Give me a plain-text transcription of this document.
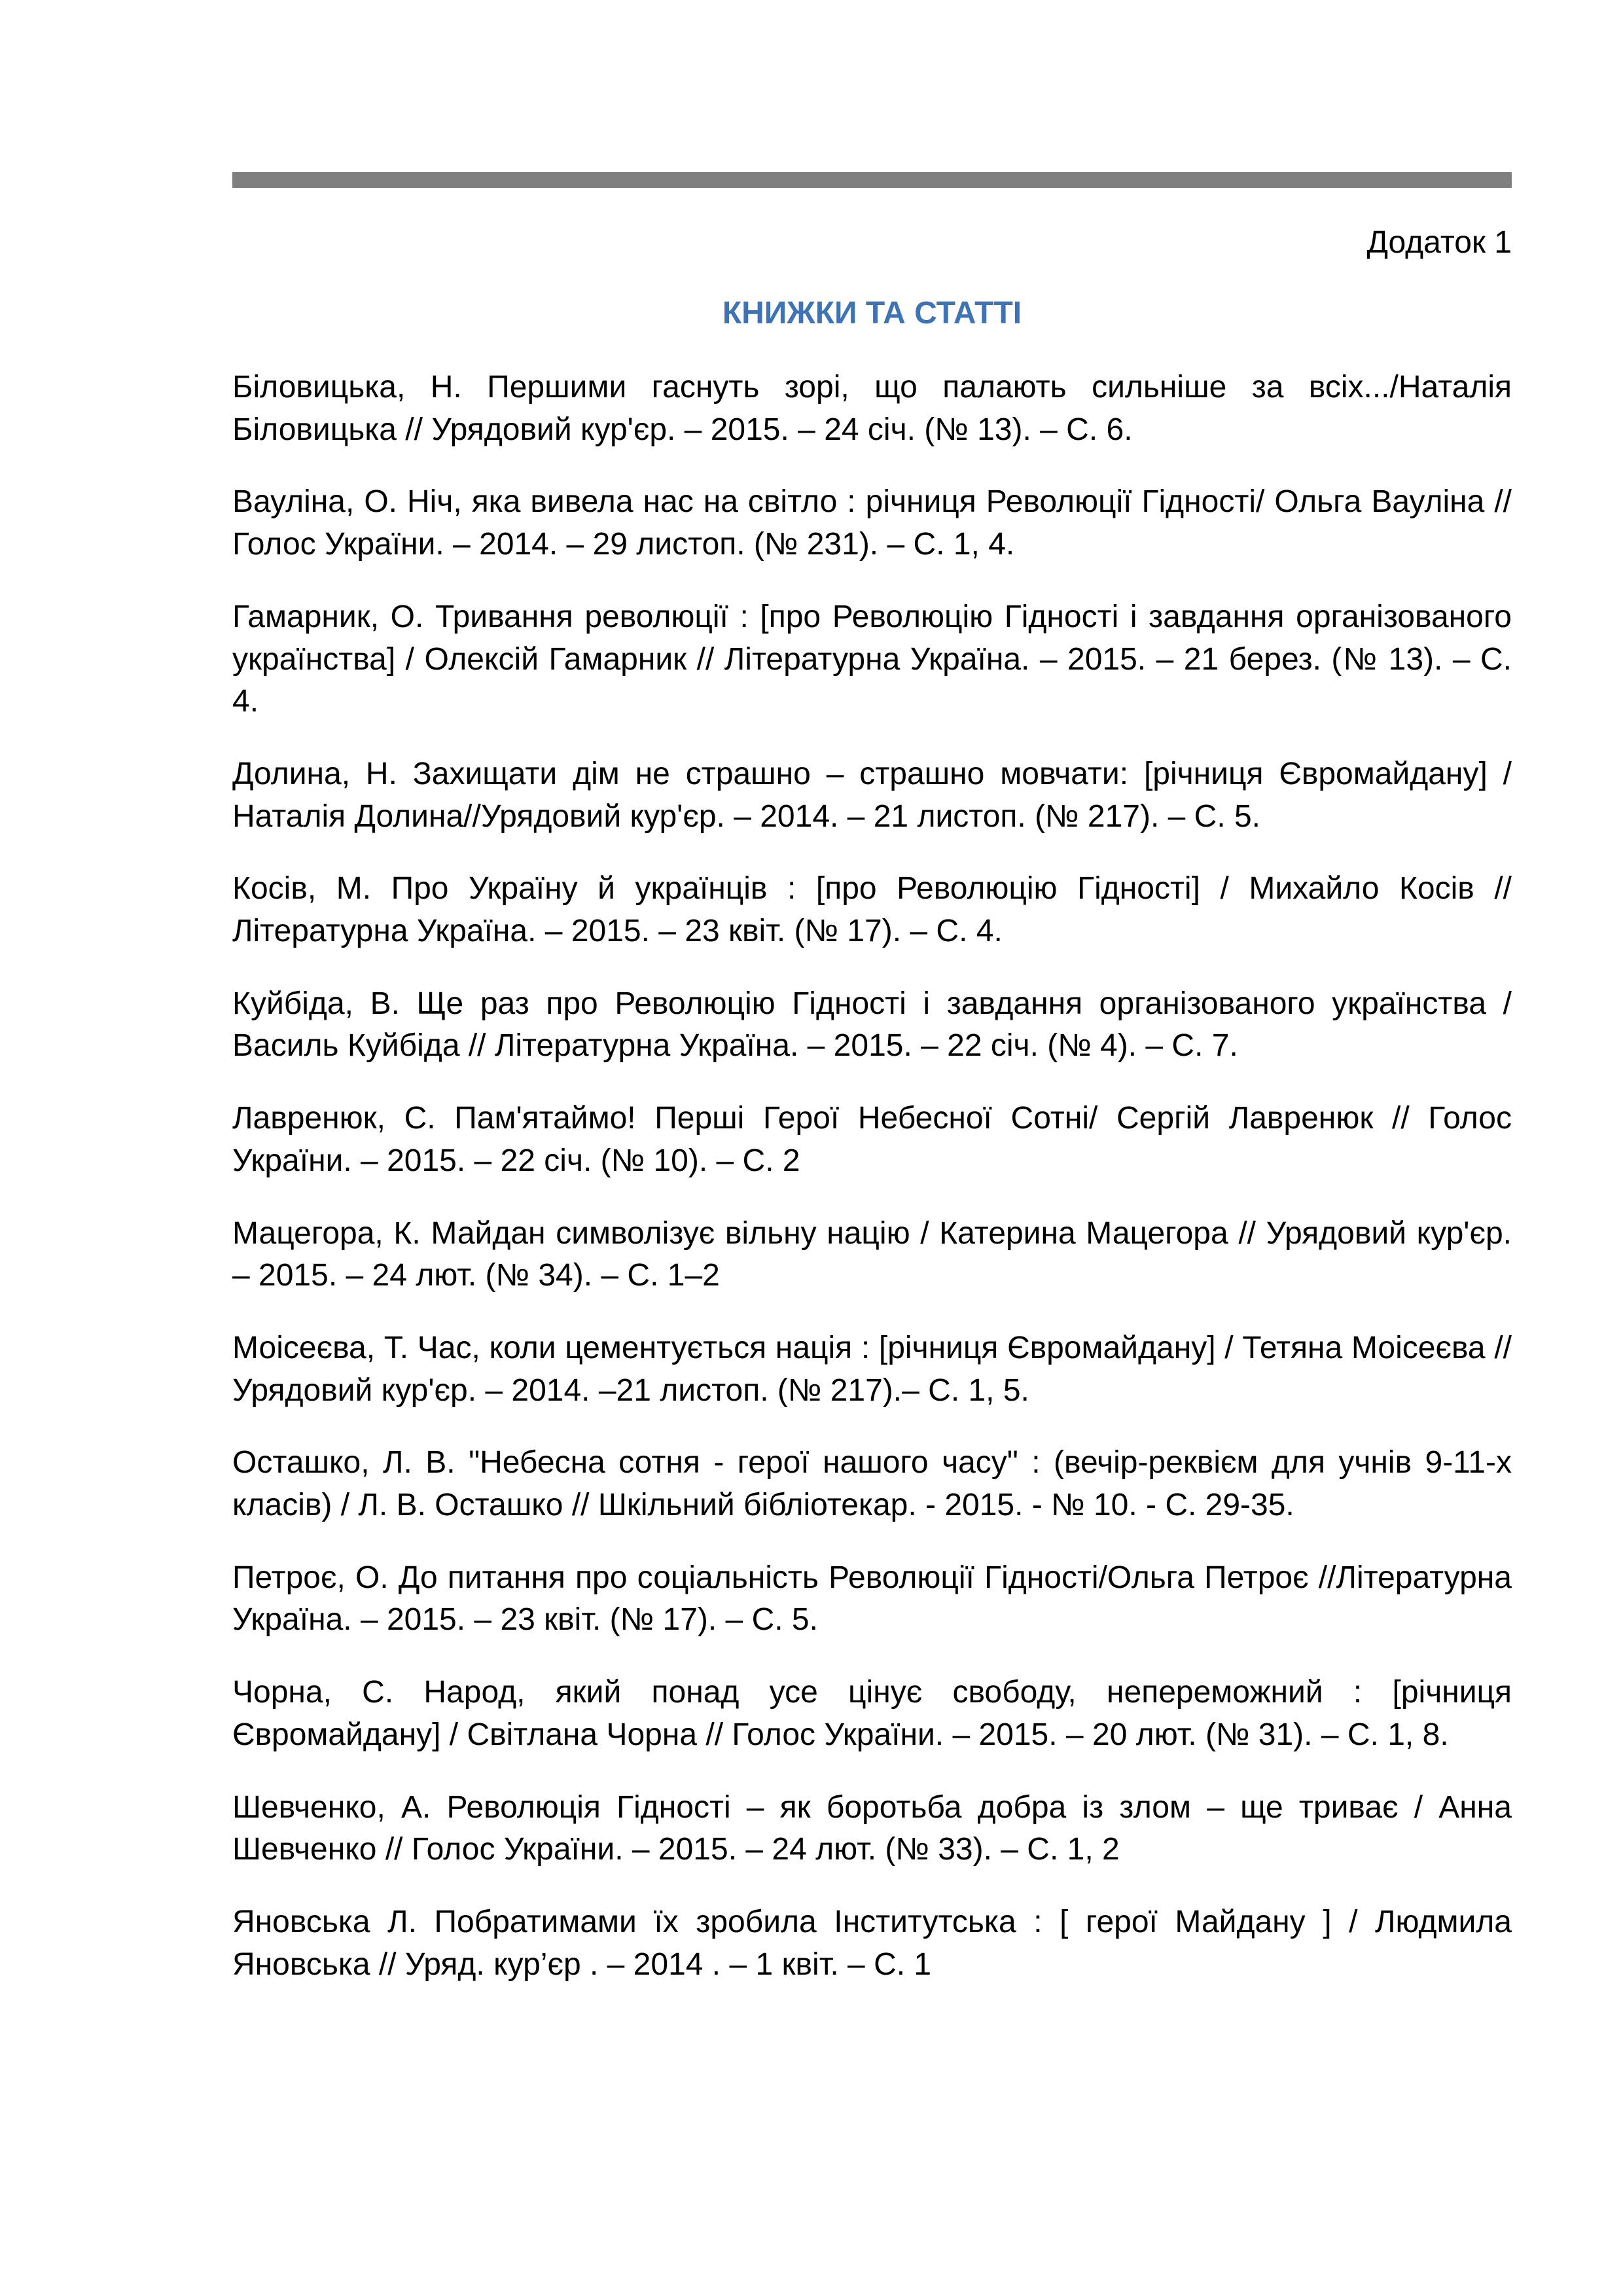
Додаток 1
КНИЖКИ ТА СТАТТІ
Біловицька, Н. Першими гаснуть зорі, що палають сильніше за всіх.../Наталія Біловицька // Урядовий кур'єр. – 2015. – 24 січ. (№ 13). – С. 6.
Вауліна, О. Ніч, яка вивела нас на світло : річниця Революції Гідності/ Ольга Вауліна // Голос України. – 2014. – 29 листоп. (№ 231). – С. 1, 4.
Гамарник, О. Тривання революції : [про Революцію Гідності і завдання організованого українства] / Олексій Гамарник // Літературна Україна. – 2015. – 21 берез. (№ 13). – С. 4.
Долина, Н. Захищати дім не страшно – страшно мовчати: [річниця Євромайдану] /Наталія Долина//Урядовий кур'єр. – 2014. – 21 листоп. (№ 217). – С. 5.
Косів, М. Про Україну й українців : [про Революцію Гідності] / Михайло Косів // Літературна Україна. – 2015. – 23 квіт. (№ 17). – С. 4.
Куйбіда, В. Ще раз про Революцію Гідності і завдання організованого українства / Василь Куйбіда // Літературна Україна. – 2015. – 22 січ. (№ 4). – С. 7.
Лавренюк, С. Пам'ятаймо! Перші Герої Небесної Сотні/ Сергій Лавренюк // Голос України. – 2015. – 22 січ. (№ 10). – С. 2
Мацегора, К. Майдан символізує вільну націю / Катерина Мацегора // Урядовий кур'єр. – 2015. – 24 лют. (№ 34). – С. 1–2
Моісеєва, Т. Час, коли цементується нація : [річниця Євромайдану] / Тетяна Моісеєва // Урядовий кур'єр. – 2014. –21 листоп. (№ 217).– С. 1, 5.
Осташко, Л. В. "Небесна сотня - герої нашого часу" : (вечір-реквієм для учнів 9-11-х класів) / Л. В. Осташко // Шкільний бібліотекар. - 2015. - № 10. - С. 29-35.
Петроє, О. До питання про соціальність Революції Гідності/Ольга Петроє //Літературна Україна. – 2015. – 23 квіт. (№ 17). – С. 5.
Чорна, С. Народ, який понад усе цінує свободу, непереможний : [річниця Євромайдану] / Світлана Чорна // Голос України. – 2015. – 20 лют. (№ 31). – С. 1, 8.
Шевченко, А. Революція Гідності – як боротьба добра із злом – ще триває / Анна Шевченко // Голос України. – 2015. – 24 лют. (№ 33). – С. 1, 2
Яновська Л. Побратимами їх зробила Інститутська : [ герої Майдану ] / Людмила Яновська // Уряд. кур’єр . – 2014 . – 1 квіт. – С. 1
